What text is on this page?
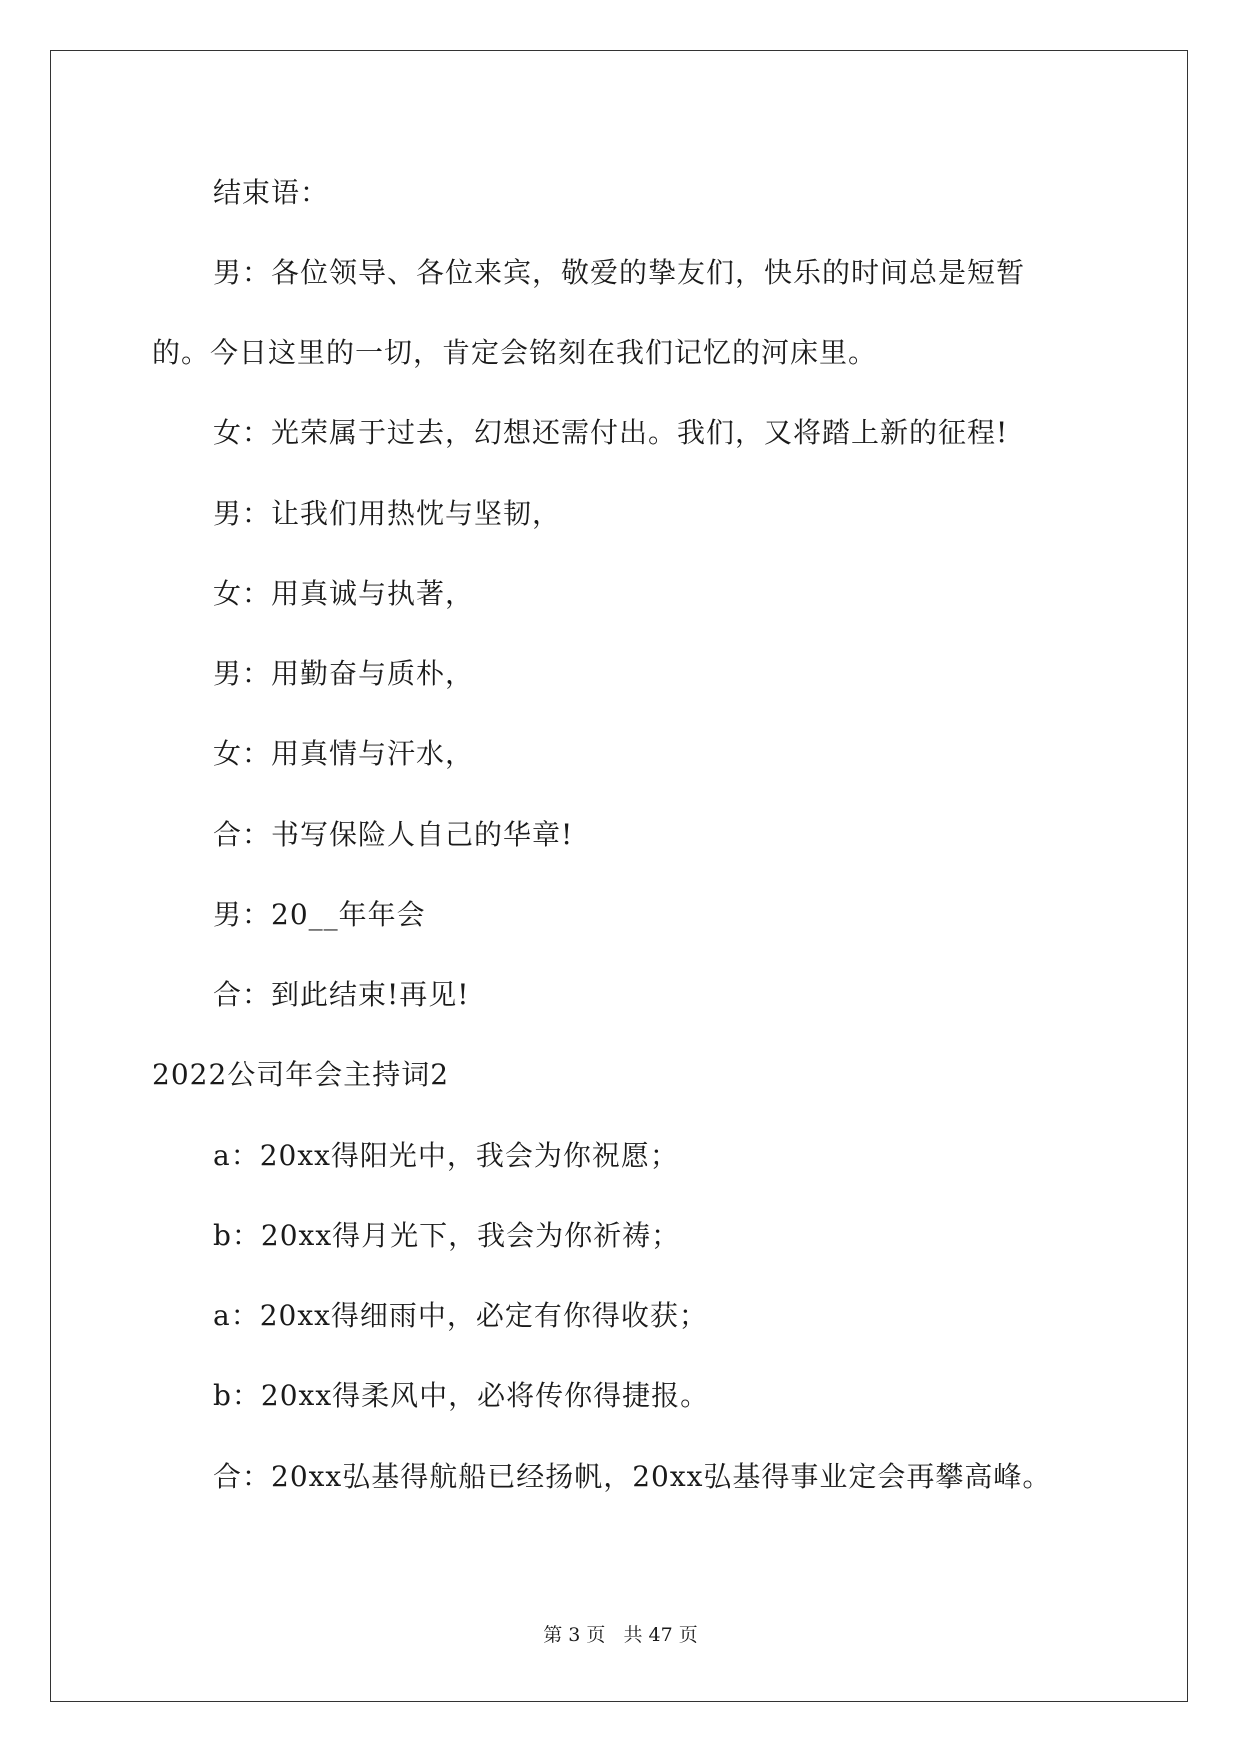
结束语：
男：各位领导、各位来宾，敬爱的挚友们，快乐的时间总是短暂
的。今日这里的一切，肯定会铭刻在我们记忆的河床里。
女：光荣属于过去，幻想还需付出。我们，又将踏上新的征程!
男：让我们用热忱与坚韧，
女：用真诚与执著，
男：用勤奋与质朴，
女：用真情与汗水，
合：书写保险人自己的华章!
男：20__年年会
合：到此结束!再见!
2022公司年会主持词2
a：20xx得阳光中，我会为你祝愿；
b：20xx得月光下，我会为你祈祷；
a：20xx得细雨中，必定有你得收获；
b：20xx得柔风中，必将传你得捷报。
合：20xx弘基得航船已经扬帆，20xx弘基得事业定会再攀高峰。
第 3 页   共 47 页
